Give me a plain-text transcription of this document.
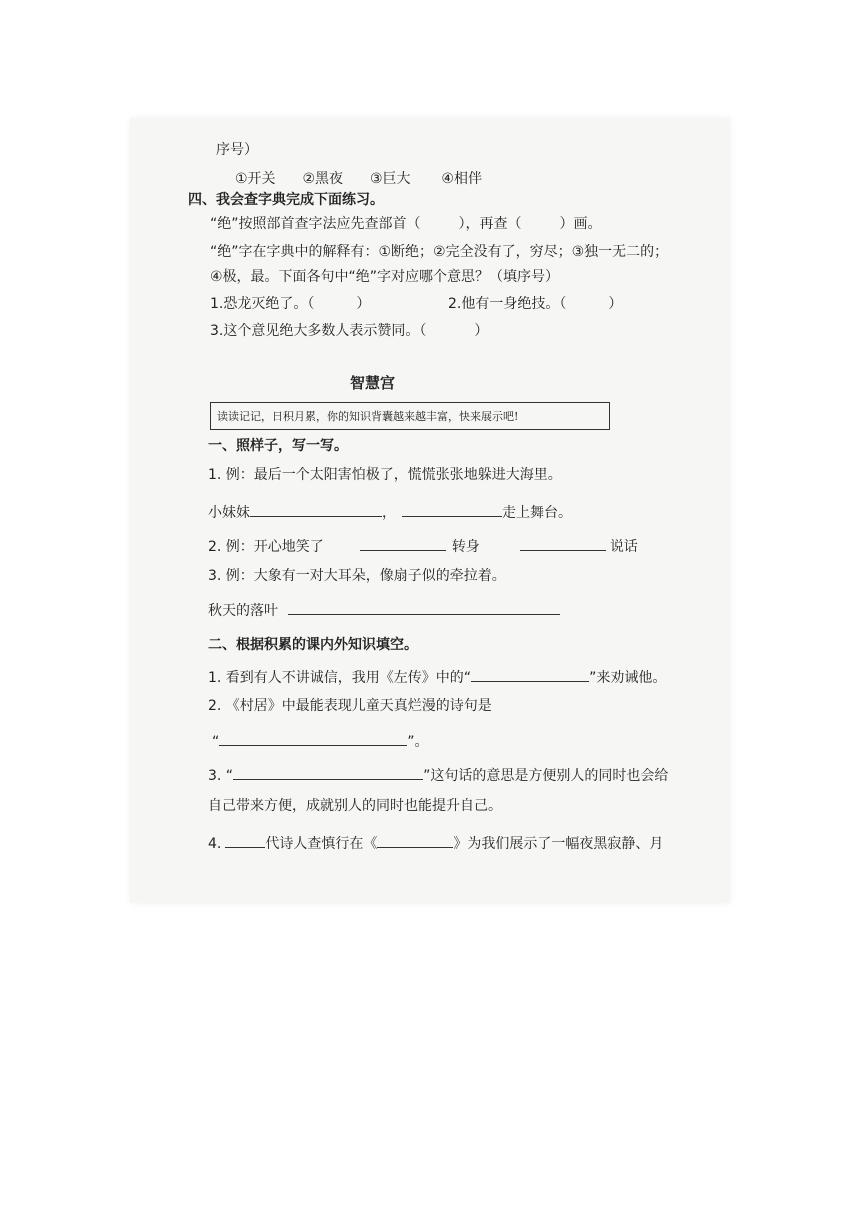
序号）
①开关 ②黑夜 ③巨大 ④相伴
四、我会查字典完成下面练习。
“绝”按照部首查字法应先查部首（	），再查（	）画。
“绝”字在字典中的解释有：①断绝；②完全没有了，穷尽；③独一无二的；
④极，最。下面各句中“绝”字对应哪个意思？（填序号）
1.恐龙灭绝了。（	）	2.他有一身绝技。（	）
3.这个意见绝大多数人表示赞同。（	）
智慧宫
读读记记，日积月累，你的知识背囊越来越丰富，快来展示吧!
一、照样子，写一写。
1. 例：最后一个太阳害怕极了，慌慌张张地躲进大海里。
小妹妹	，	走上舞台。
2. 例：开心地笑了	转身	说话
3. 例：大象有一对大耳朵，像扇子似的牵拉着。
秋天的落叶
二、根据积累的课内外知识填空。
1. 看到有人不讲诚信，我用《左传》中的“	”来劝诫他。
2. 《村居》中最能表现儿童天真烂漫的诗句是
“	”。
3. “	”这句话的意思是方便别人的同时也会给
自己带来方便，成就别人的同时也能提升自己。
4.	代诗人查慎行在《	》为我们展示了一幅夜黑寂静、月
